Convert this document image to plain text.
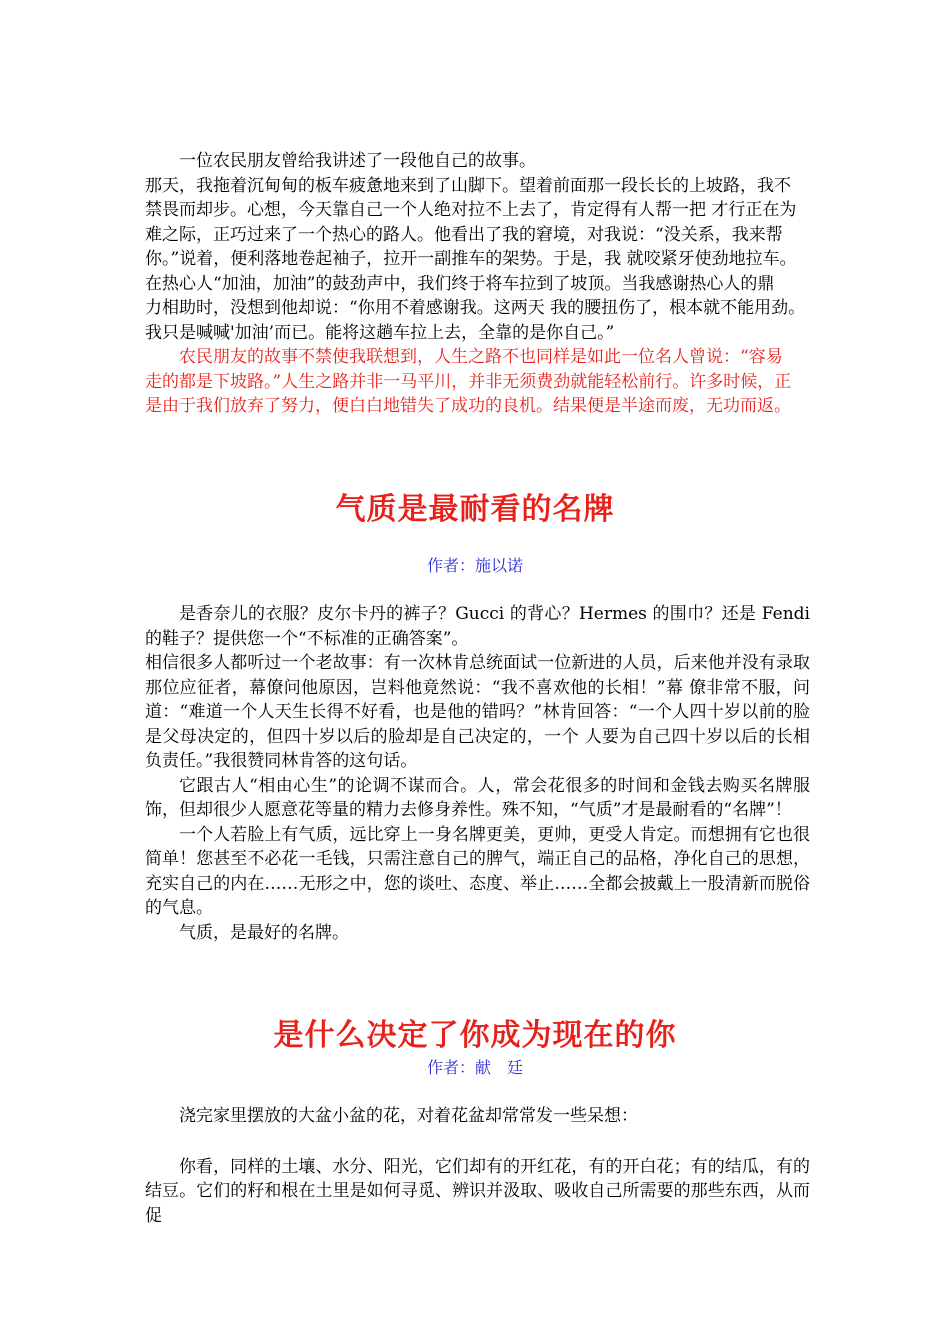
　　一位农民朋友曾给我讲述了一段他自己的故事。
那天，我拖着沉甸甸的板车疲惫地来到了山脚下。望着前面那一段长长的上坡路，我不
禁畏而却步。心想，今天靠自己一个人绝对拉不上去了，肯定得有人帮一把 才行正在为
难之际，正巧过来了一个热心的路人。他看出了我的窘境，对我说：“没关系，我来帮
你。”说着，便利落地卷起袖子，拉开一副推车的架势。于是，我 就咬紧牙使劲地拉车。
在热心人“加油，加油”的鼓劲声中，我们终于将车拉到了坡顶。当我感谢热心人的鼎
力相助时，没想到他却说：“你用不着感谢我。这两天 我的腰扭伤了，根本就不能用劲。
我只是喊喊'加油’而已。能将这趟车拉上去，全靠的是你自己。”
　　农民朋友的故事不禁使我联想到，人生之路不也同样是如此一位名人曾说：“容易
走的都是下坡路。”人生之路并非一马平川，并非无须费劲就能轻松前行。许多时候，正
是由于我们放弃了努力，便白白地错失了成功的良机。结果便是半途而废，无功而返。
气质是最耐看的名牌
作者：施以诺

是香奈儿的衣服？皮尔卡丹的裤子？Gucci 的背心？Hermes 的围巾？还是 Fendi 的鞋子？提供您一个“不标准的正确答案”。

相信很多人都听过一个老故事：有一次林肯总统面试一位新进的人员，后来他并没有录取那位应征者，幕僚问他原因，岂料他竟然说：“我不喜欢他的长相！”幕 僚非常不服，问道：“难道一个人天生长得不好看，也是他的错吗？”林肯回答：“一个人四十岁以前的脸是父母决定的，但四十岁以后的脸却是自己决定的，一个 人要为自己四十岁以后的长相负责任。”我很赞同林肯答的这句话。

它跟古人“相由心生”的论调不谋而合。人，常会花很多的时间和金钱去购买名牌服饰，但却很少人愿意花等量的精力去修身养性。殊不知，“气质”才是最耐看的“名牌”！

一个人若脸上有气质，远比穿上一身名牌更美，更帅，更受人肯定。而想拥有它也很简单！您甚至不必花一毛钱，只需注意自己的脾气，端正自己的品格，净化自己的思想，充实自己的内在……无形之中，您的谈吐、态度、举止……全都会披戴上一股清新而脱俗的气息。

气质，是最好的名牌。

是什么决定了你成为现在的你
作者：献　廷

浇完家里摆放的大盆小盆的花，对着花盆却常常发一些呆想：

你看，同样的土壤、水分、阳光，它们却有的开红花，有的开白花；有的结瓜，有的结豆。它们的籽和根在土里是如何寻觅、辨识并汲取、吸收自己所需要的那些东西，从而促
